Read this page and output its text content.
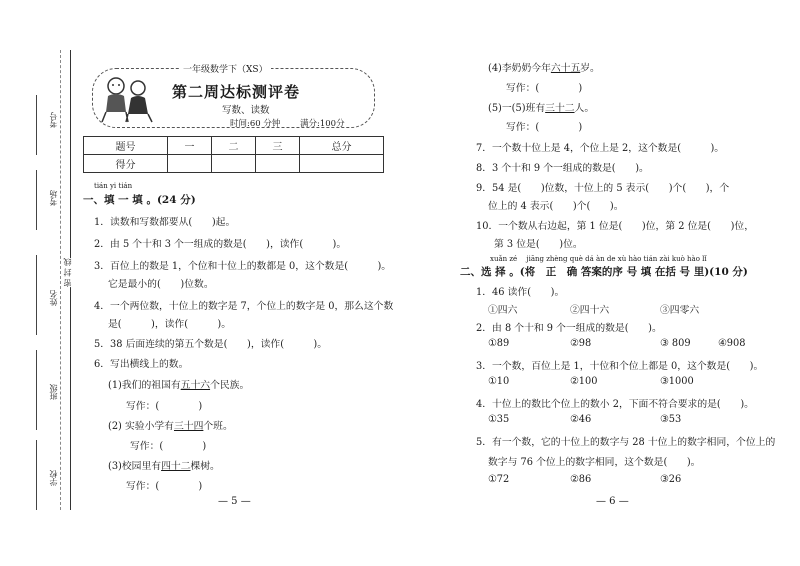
考号
考场
密 封 线
姓名
班级
学校
一年级数学下（XS）
第二周达标测评卷
写数、读数
时间:60 分钟 满分:100分
题号	一	二	三	总分
得分				
tián yi tián
一、填 一 填 。(24 分)
1．读数和写数都要从(　　)起。
2．由 5 个十和 3 个一组成的数是(　　)，读作(　　　)。
3．百位上的数是 1，个位和十位上的数都是 0，这个数是(　　　)。
它是最小的(　　)位数。
4．一个两位数，十位上的数字是 7，个位上的数字是 0，那么这个数
是(　　　)，读作(　　　)。
5．38 后面连续的第五个数是(　　)，读作(　　　)。
6．写出横线上的数。
(1)我们的祖国有五十六个民族。
写作：(　　　　)
(2) 实验小学有三十四个班。
写作：(　　　　)
(3)校园里有四十二棵树。
写作：(　　　　)
— 5 —
(4)李奶奶今年六十五岁。
写作：(　　　　)
(5)一(5)班有三十二人。
写作：(　　　　)
7．一个数十位上是 4，个位上是 2，这个数是(　　　)。
8．3 个十和 9 个一组成的数是(　　)。
9．54 是(　　)位数，十位上的 5 表示(　　)个(　　)，个
位上的 4 表示(　　)个(　　)。
10．一个数从右边起，第 1 位是(　　)位，第 2 位是(　　)位，
第 3 位是(　　)位。
xuǎn zé　 jiāng zhèng què dá àn de xù hào tián zài kuò hào lǐ
二、选 择 。(将　正　确 答案的序 号 填 在括 号 里)(10 分)
1．46 读作(　　)。
①四六	②四十六	③四零六
2．由 8 个十和 9 个一组成的数是(　　)。
①89	②98	③ 809	④908
3．一个数，百位上是 1，十位和个位上都是 0，这个数是(　　)。
①10	②100	③1000
4．十位上的数比个位上的数小 2，下面不符合要求的是(　　)。
①35	②46	③53
5．有一个数，它的十位上的数字与 28 十位上的数字相同，个位上的
数字与 76 个位上的数字相同，这个数是(　　)。
①72	②86	③26
— 6 —
